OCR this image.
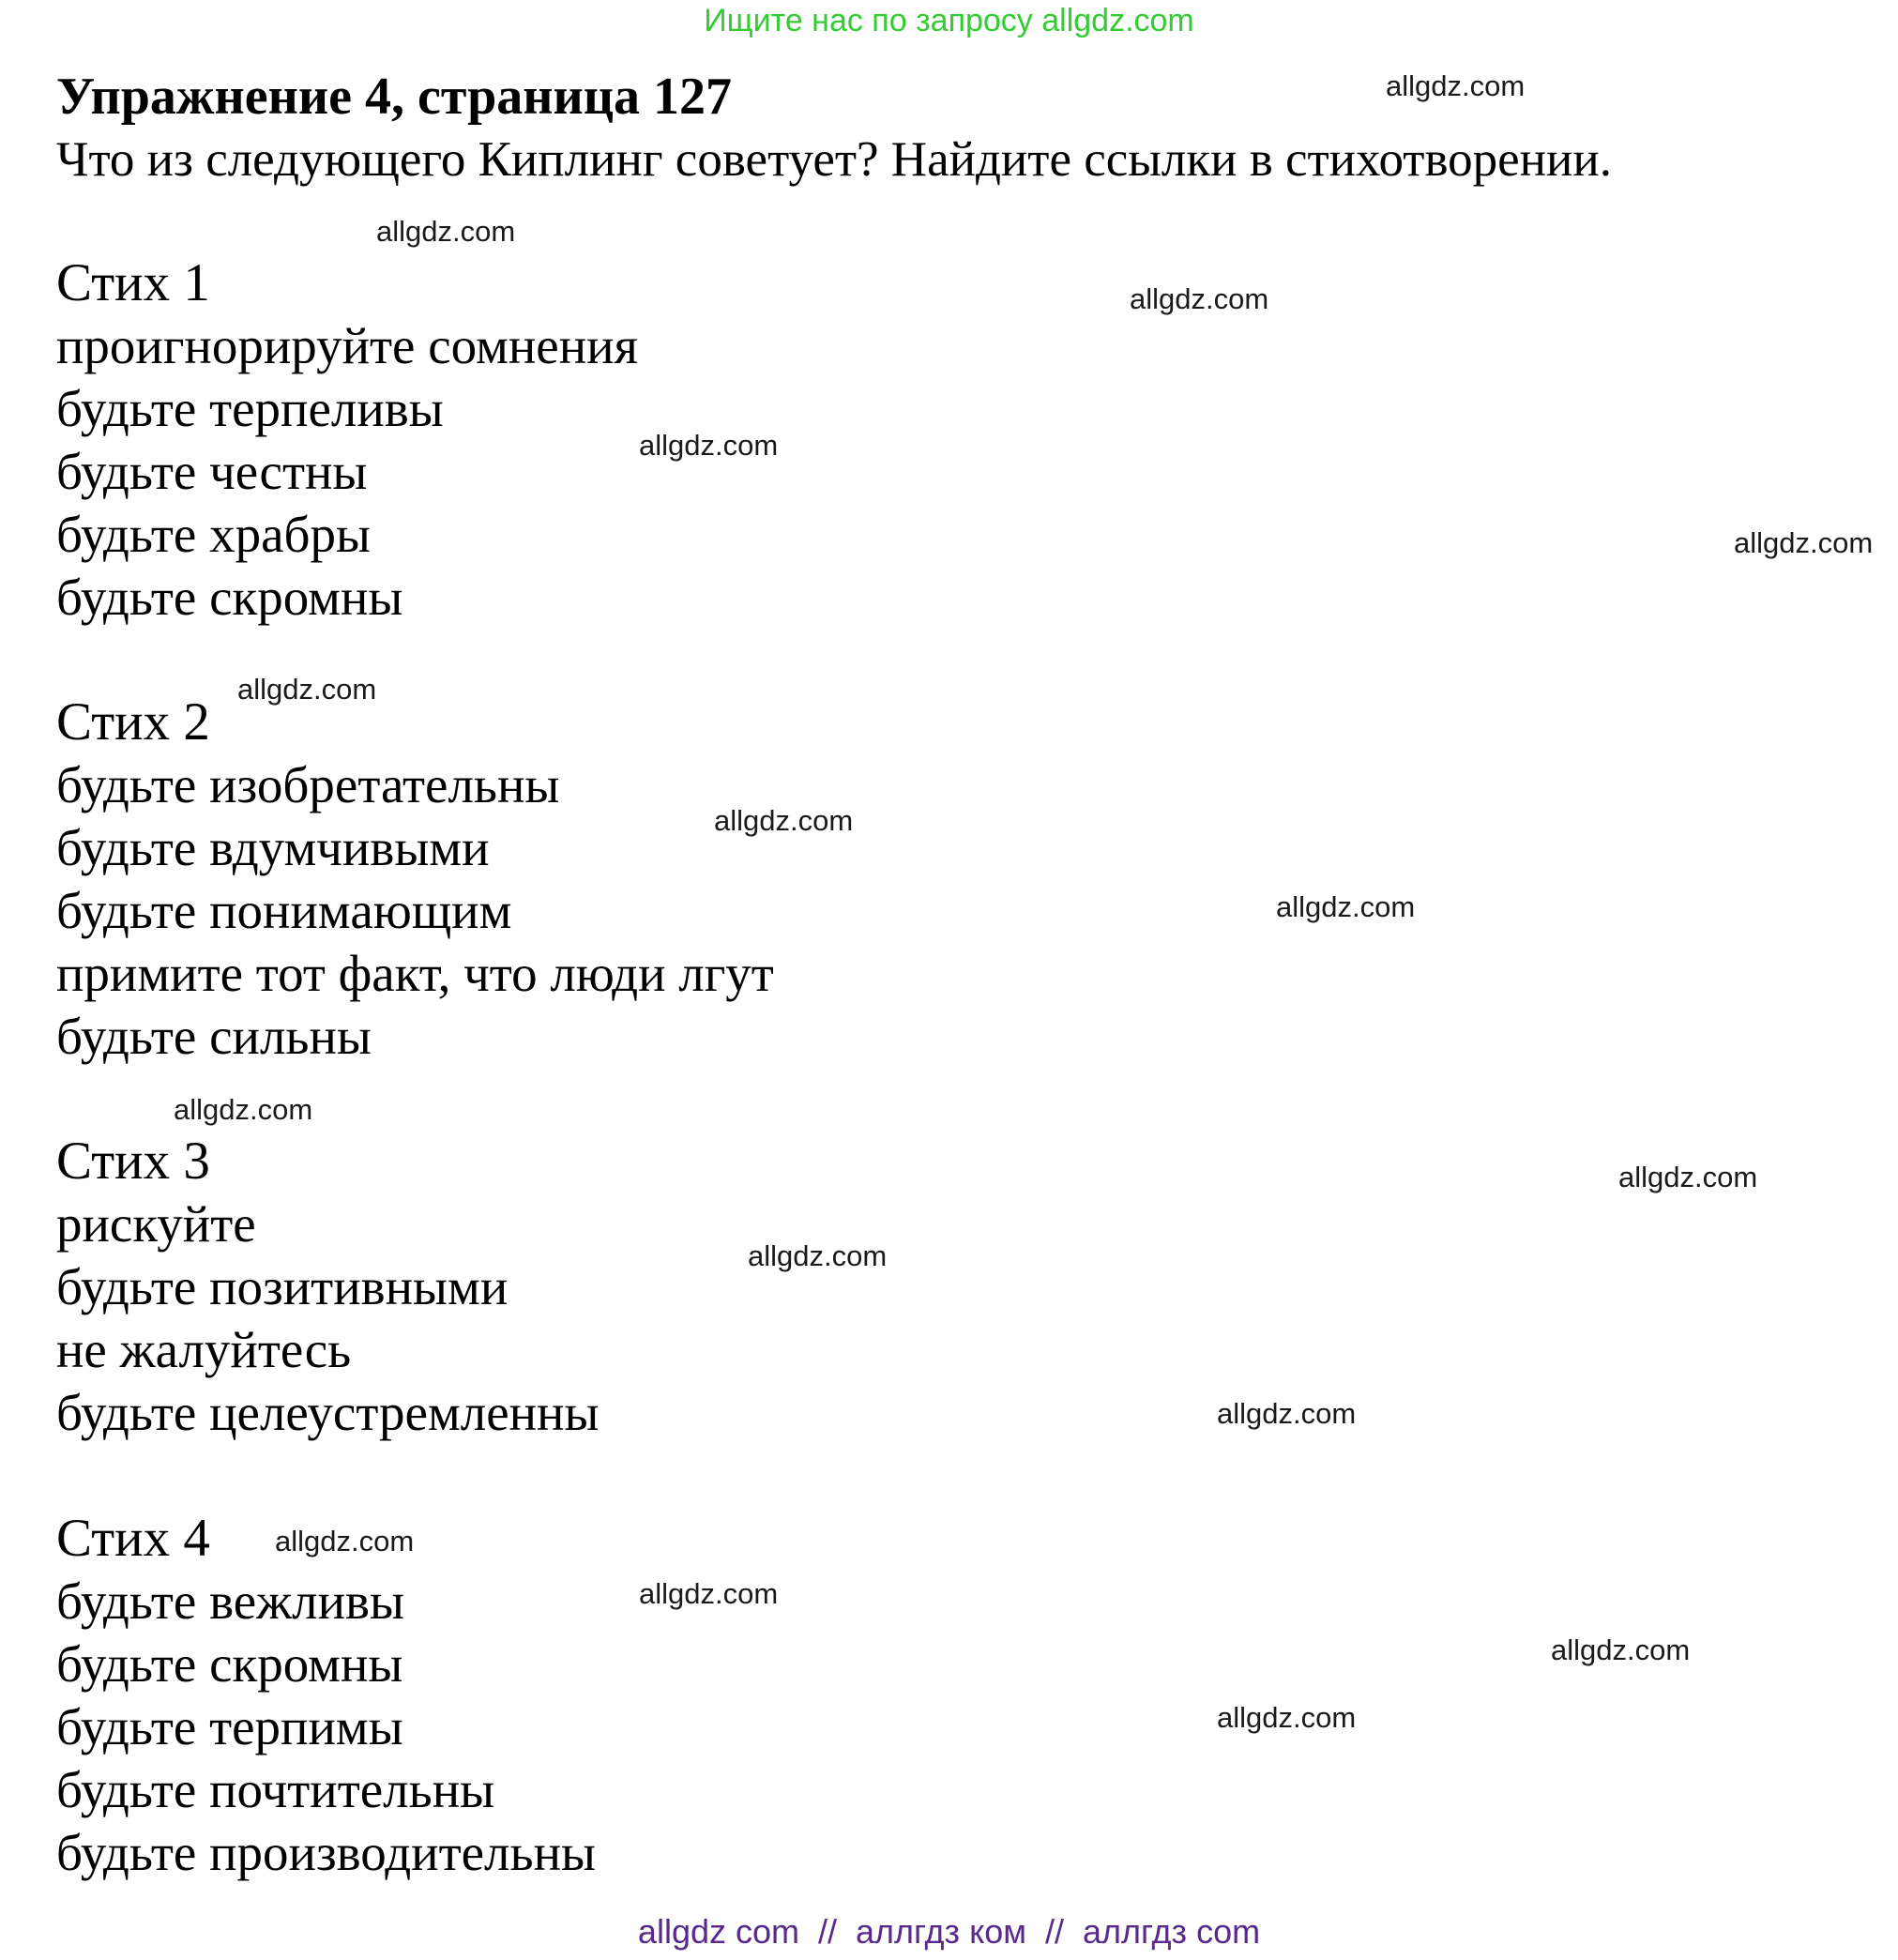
Ищите нас по запросу allgdz.com
Упражнение 4, страница 127
Что из следующего Киплинг советует? Найдите ссылки в стихотворении.
Стих 1
проигнорируйте сомнения
будьте терпеливы
будьте честны
будьте храбры
будьте скромны
Стих 2
будьте изобретательны
будьте вдумчивыми
будьте понимающим
примите тот факт, что люди лгут
будьте сильны
Стих 3
рискуйте
будьте позитивными
не жалуйтесь
будьте целеустремленны
Стих 4
будьте вежливы
будьте скромны
будьте терпимы
будьте почтительны
будьте производительны
allgdz.com
allgdz.com
allgdz.com
allgdz.com
allgdz.com
allgdz.com
allgdz.com
allgdz.com
allgdz.com
allgdz.com
allgdz.com
allgdz.com
allgdz.com
allgdz.com
allgdz.com
allgdz.com
allgdz com  //  аллгдз ком  //  аллгдз com
